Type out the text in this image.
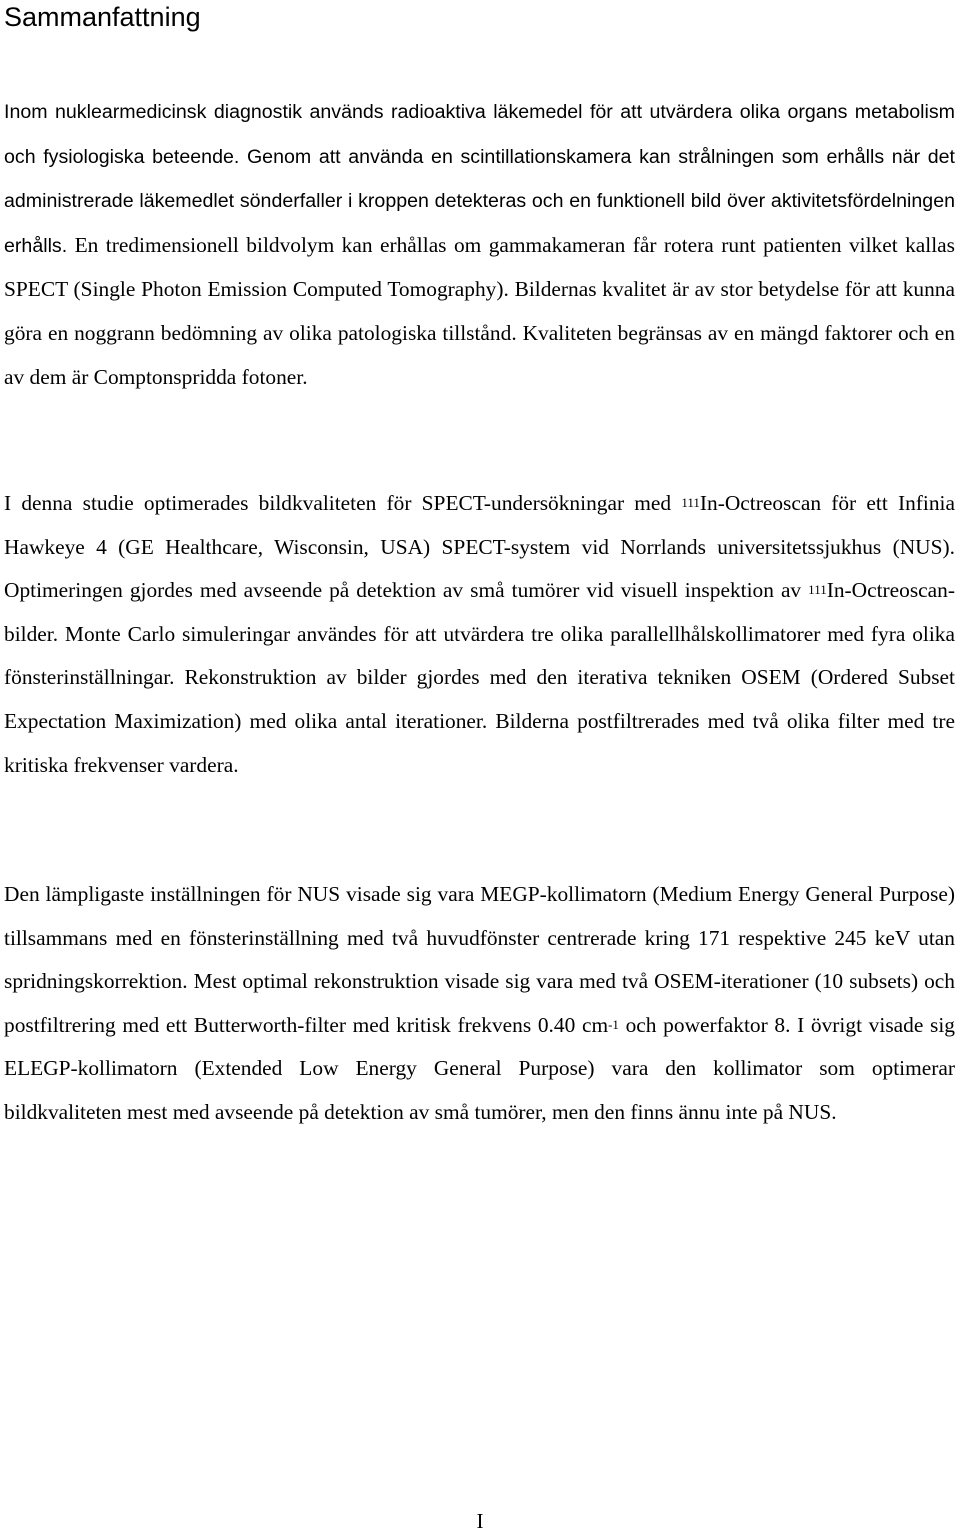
Sammanfattning

Inom nuklearmedicinsk diagnostik används radioaktiva läkemedel för att utvärdera olika organs metabolism och fysiologiska beteende. Genom att använda en scintillationskamera kan strålningen som erhålls när det administrerade läkemedlet sönderfaller i kroppen detekteras och en funktionell bild över aktivitetsfördelningen erhålls. En tredimensionell bildvolym kan erhållas om gammakameran får rotera runt patienten vilket kallas SPECT (Single Photon Emission Computed Tomography). Bildernas kvalitet är av stor betydelse för att kunna göra en noggrann bedömning av olika patologiska tillstånd. Kvaliteten begränsas av en mängd faktorer och en av dem är Comptonspridda fotoner.

I denna studie optimerades bildkvaliteten för SPECT-undersökningar med $^{111}$In-Octreoscan för ett Infinia Hawkeye 4 (GE Healthcare, Wisconsin, USA) SPECT-system vid Norrlands universitetssjukhus (NUS). Optimeringen gjordes med avseende på detektion av små tumörer vid visuell inspektion av $^{111}$In-Octreoscan-bilder. Monte Carlo simuleringar användes för att utvärdera tre olika parallellhålskollimatorer med fyra olika fönsterinställningar. Rekonstruktion av bilder gjordes med den iterativa tekniken OSEM (Ordered Subset Expectation Maximization) med olika antal iterationer. Bilderna postfiltrerades med två olika filter med tre kritiska frekvenser vardera.

Den lämpligaste inställningen för NUS visade sig vara MEGP-kollimatorn (Medium Energy General Purpose) tillsammans med en fönsterinställning med två huvudfönster centrerade kring 171 respektive 245 keV utan spridningskorrektion. Mest optimal rekonstruktion visade sig vara med två OSEM-iterationer (10 subsets) och postfiltrering med ett Butterworth-filter med kritisk frekvens 0.40 $cm^{-1}$ och powerfaktor 8. I övrigt visade sig ELEGP-kollimatorn (Extended Low Energy General Purpose) vara den kollimator som optimerar bildkvaliteten mest med avseende på detektion av små tumörer, men den finns ännu inte på NUS.

I
